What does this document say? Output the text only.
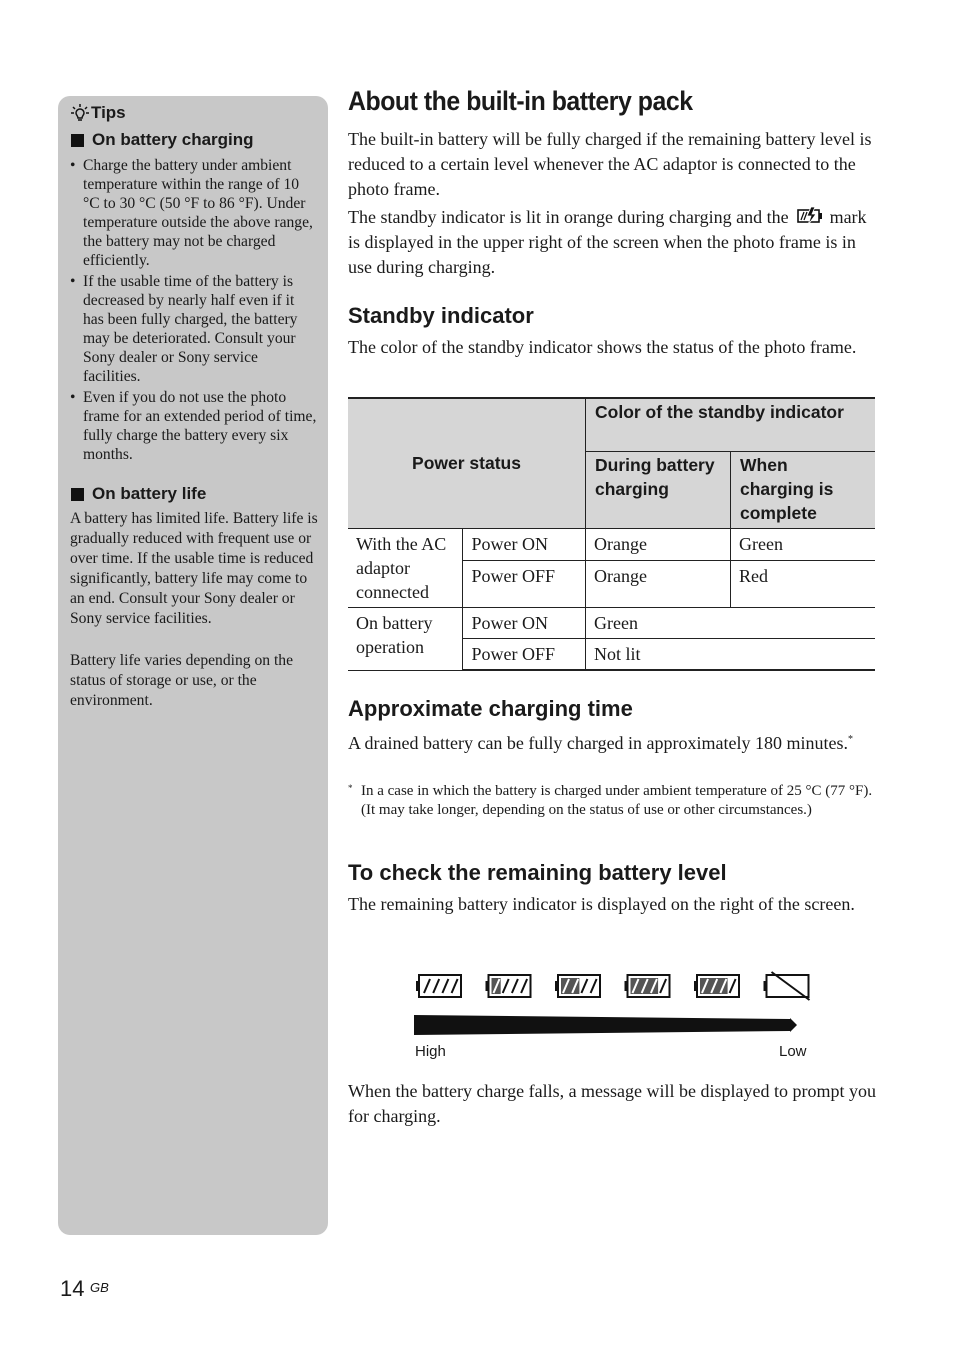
Tips
On battery charging
• Charge the battery under ambient temperature within the range of 10 °C to 30 °C (50 °F to 86 °F). Under temperature outside the above range, the battery may not be charged efficiently.
• If the usable time of the battery is decreased by nearly half even if it has been fully charged, the battery may be deteriorated. Consult your Sony dealer or Sony service facilities.
• Even if you do not use the photo frame for an extended period of time, fully charge the battery every six months.
On battery life

A battery has limited life. Battery life is gradually reduced with frequent use or over time. If the usable time is reduced significantly, battery life may come to an end. Consult your Sony dealer or Sony service facilities.

Battery life varies depending on the status of storage or use, or the environment.

About the built-in battery pack

The built-in battery will be fully charged if the remaining battery level is reduced to a certain level whenever the AC adaptor is connected to the photo frame.

The standby indicator is lit in orange during charging and the mark is displayed in the upper right of the screen when the photo frame is in use during charging.

Standby indicator

The color of the standby indicator shows the status of the photo frame.

Power status		Color of the standby indicator	
		During battery charging	When charging is complete
With the AC adaptor connected	Power ON	Orange	Green
	Power OFF	Orange	Red
On battery operation	Power ON	Green	
	Power OFF	Not lit	
Approximate charging time

A drained battery can be fully charged in approximately 180 minutes.*

* In a case in which the battery is charged under ambient temperature of 25 °C (77 °F). (It may take longer, depending on the status of use or other circumstances.)

To check the remaining battery level

The remaining battery indicator is displayed on the right of the screen.

High	Low

When the battery charge falls, a message will be displayed to prompt you for charging.

14 GB
